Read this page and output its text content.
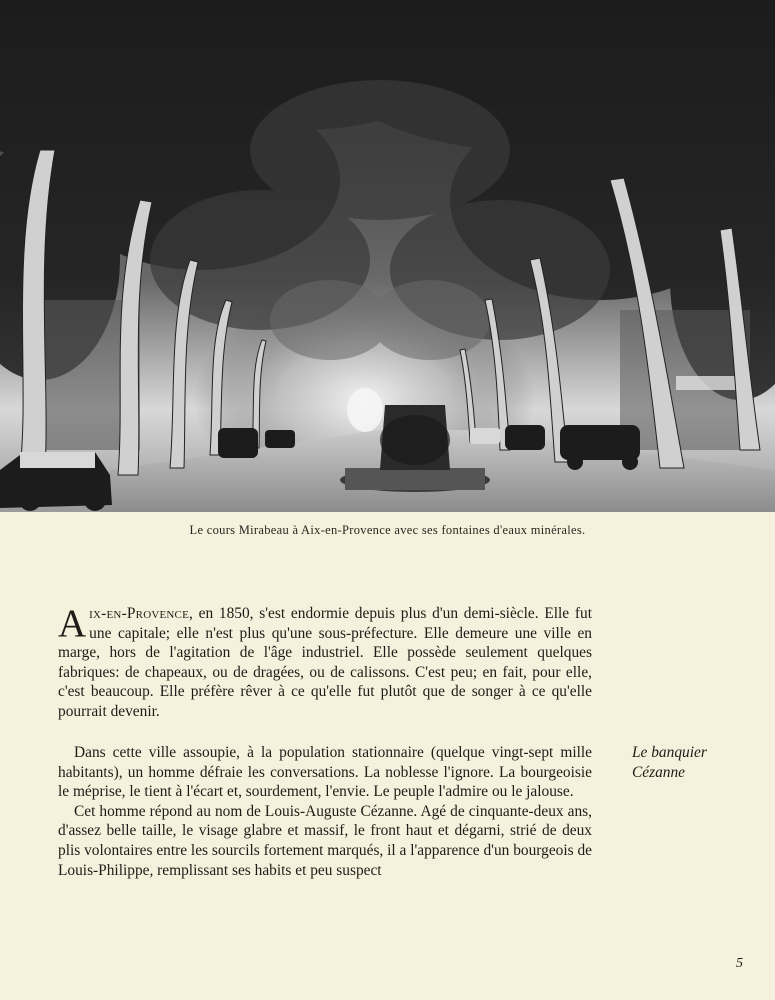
Le cours Mirabeau à Aix-en-Provence avec ses fontaines d'eaux minérales.

Aix-en-Provence, en 1850, s'est endormie depuis plus d'un demi-siècle. Elle fut une capitale; elle n'est plus qu'une sous-préfecture. Elle demeure une ville en marge, hors de l'agitation de l'âge industriel. Elle possède seulement quelques fabriques: de chapeaux, ou de dragées, ou de calissons. C'est peu; en fait, pour elle, c'est beaucoup. Elle préfère rêver à ce qu'elle fut plutôt que de songer à ce qu'elle pourrait devenir.

Dans cette ville assoupie, à la population stationnaire (quelque vingt-sept mille habitants), un homme défraie les conversations. La noblesse l'ignore. La bourgeoisie le méprise, le tient à l'écart et, sourdement, l'envie. Le peuple l'admire ou le jalouse.

Cet homme répond au nom de Louis-Auguste Cézanne. Agé de cinquante-deux ans, d'assez belle taille, le visage glabre et massif, le front haut et dégarni, strié de deux plis volontaires entre les sourcils fortement marqués, il a l'apparence d'un bourgeois de Louis-Philippe, remplissant ses habits et peu suspect

Le banquier
Cézanne
5
